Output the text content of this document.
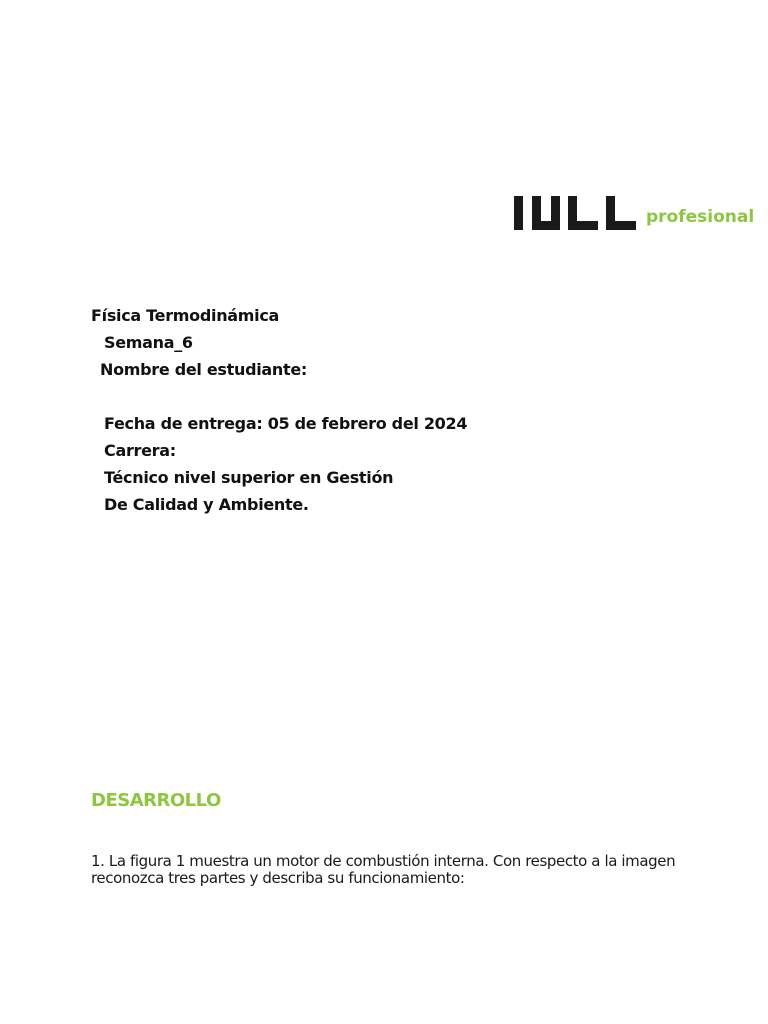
profesional
Física Termodinámica
Semana_6
Nombre del estudiante:
Fecha de entrega: 05 de febrero del 2024
Carrera:
Técnico nivel superior en Gestión
De Calidad y Ambiente.
DESARROLLO
1. La figura 1 muestra un motor de combustión interna. Con respecto a la imagen reconozca tres partes y describa su funcionamiento:
